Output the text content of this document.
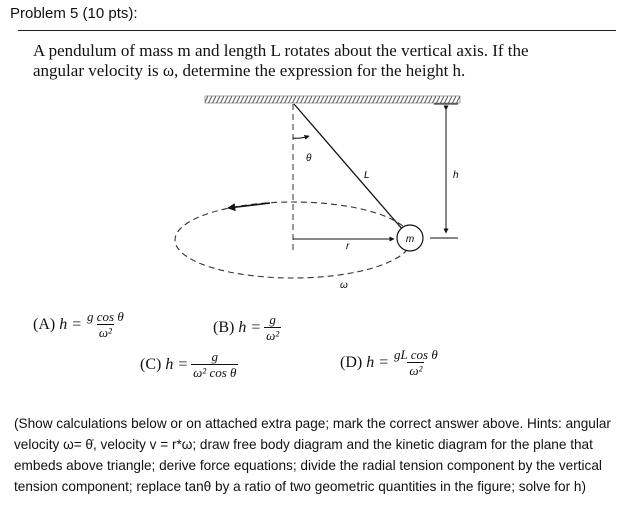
Problem 5 (10 pts):
A pendulum of mass m and length L rotates about the vertical axis. If the
angular velocity is ω, determine the expression for the height h.
θ
L	h
m
r
ω
(A) $h = \frac{\text{g cos θ}}{\text{ω²}}$	(B) $h = \frac{g}{\text{ω²}}$
(C) $h = \frac{g}{\text{ω² cos θ}}$	(D) $h = \frac{\text{gL cos θ}}{\text{ω²}}$
(Show calculations below or on attached extra page; mark the correct answer above. Hints: angular velocity ω= θ̇, velocity v = r*ω; draw free body diagram and the kinetic diagram for the plane that embeds above triangle; derive force equations; divide the radial tension component by the vertical tension component; replace tanθ by a ratio of two geometric quantities in the figure; solve for h)
